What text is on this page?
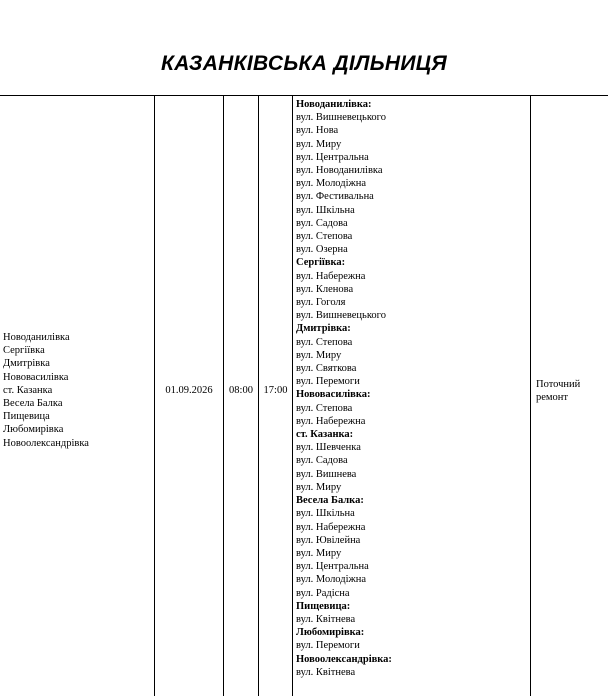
КАЗАНКІВСЬКА ДІЛЬНИЦЯ
Новоданилівка
Сергіївка
Дмитрівка
Нововасилівка
ст. Казанка
Весела Балка
Пищевица
Любомирівка
Новоолександрівка
01.09.2026	08:00	17:00
Новоданилівка:
вул. Вишневецького
вул. Нова
вул. Миру
вул. Центральна
вул. Новоданилівка
вул. Молодіжна
вул. Фестивальна
вул. Шкільна
вул. Садова
вул. Степова
вул. Озерна
Сергіївка:
вул. Набережна
вул. Кленова
вул. Гоголя
вул. Вишневецького
Дмитрівка:
вул. Степова
вул. Миру
вул. Святкова
вул. Перемоги
Нововасилівка:
вул. Степова
вул. Набережна
ст. Казанка:
вул. Шевченка
вул. Садова
вул. Вишнева
вул. Миру
Весела Балка:
вул. Шкільна
вул. Набережна
вул. Ювілейна
вул. Миру
вул. Центральна
вул. Молодіжна
вул. Радісна
Пищевица:
вул. Квітнева
Любомирівка:
вул. Перемоги
Новоолександрівка:
вул. Квітнева
Поточний
ремонт
